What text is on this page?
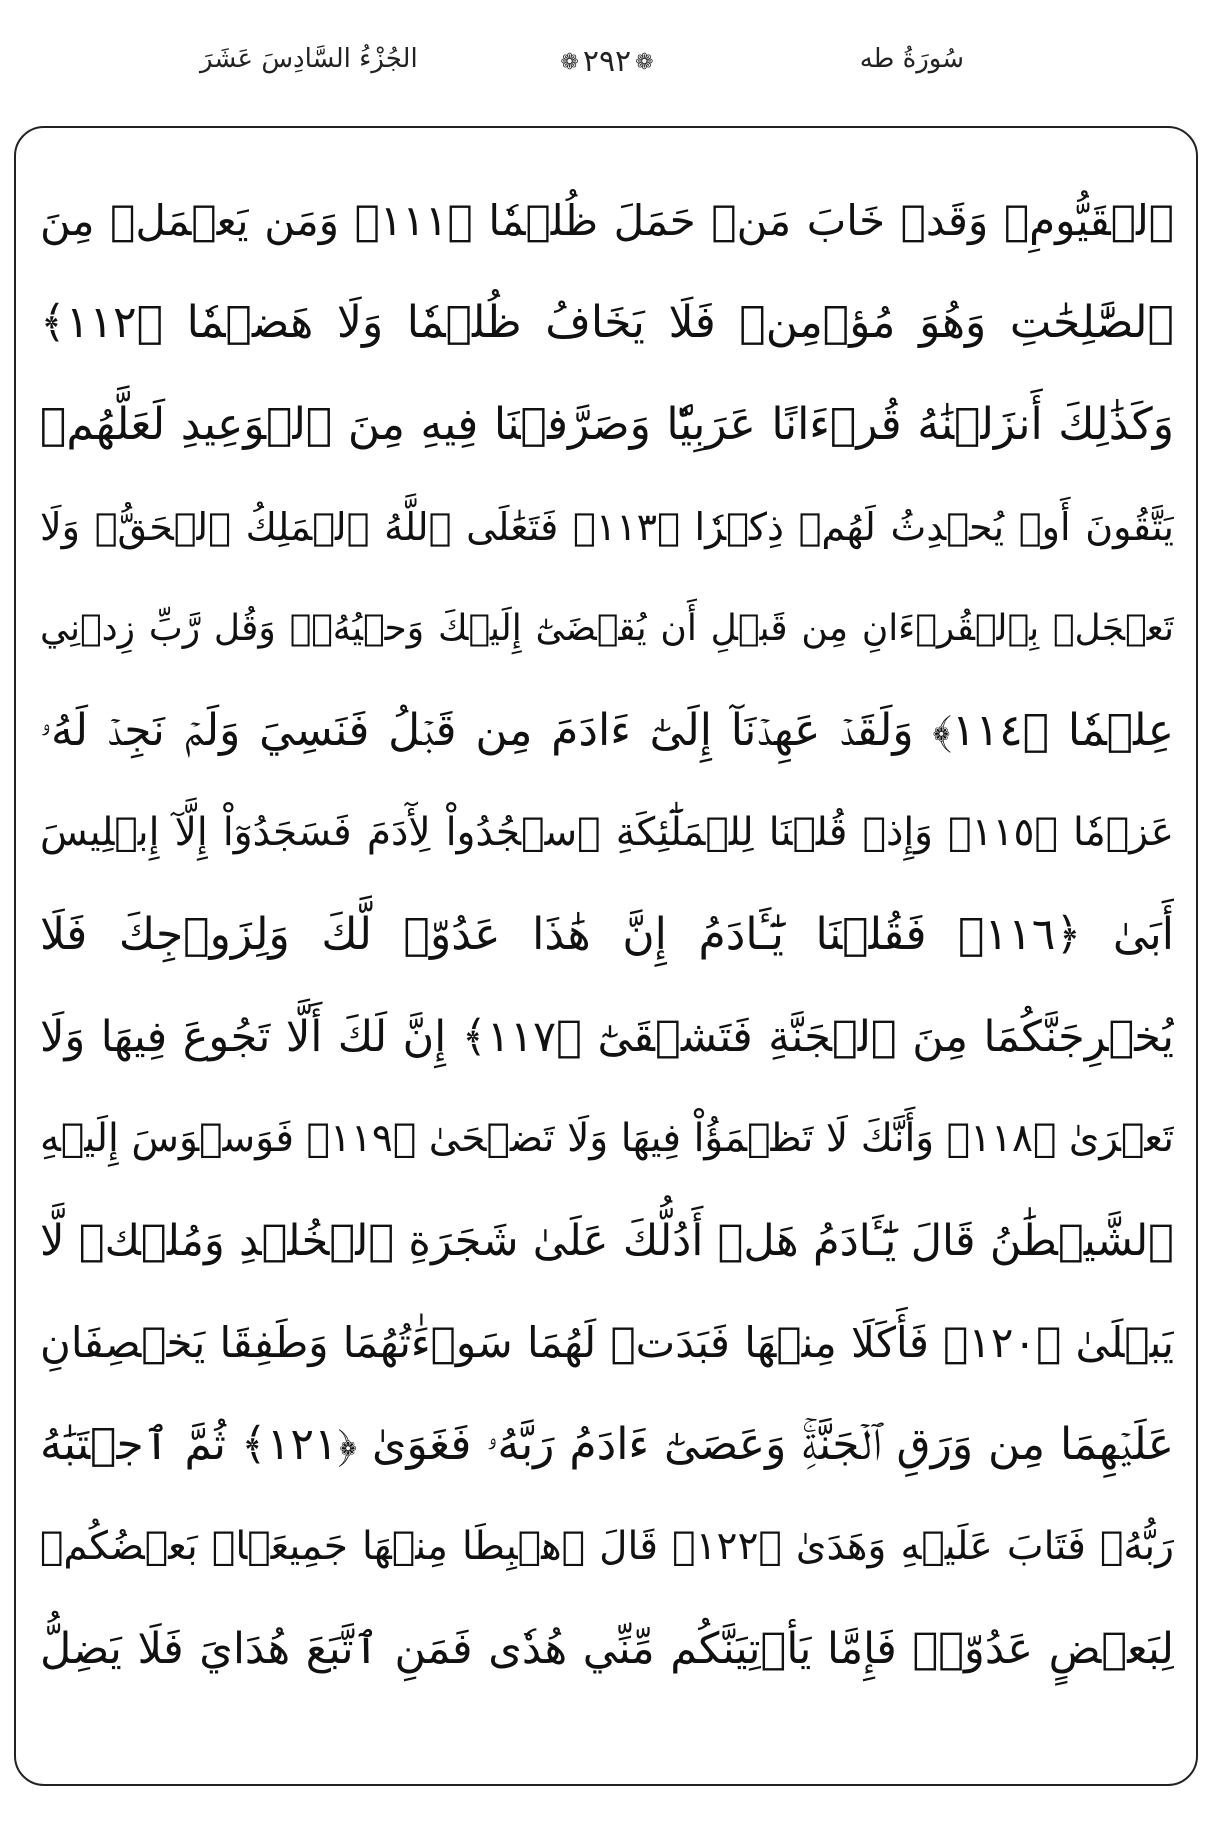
سُورَةُ طه
❁٢٩٢❁
الجُزْءُ السَّادِسَ عَشَرَ
ٱلۡقَيُّومِۖ وَقَدۡ خَابَ مَنۡ حَمَلَ ظُلۡمٗا ﴿١١١﴾ وَمَن يَعۡمَلۡ مِنَ
ٱلصَّٰلِحَٰتِ وَهُوَ مُؤۡمِنٞ فَلَا يَخَافُ ظُلۡمٗا وَلَا هَضۡمٗا ﴿١١٢﴾
وَكَذَٰلِكَ أَنزَلۡنَٰهُ قُرۡءَانًا عَرَبِيّٗا وَصَرَّفۡنَا فِيهِ مِنَ ٱلۡوَعِيدِ لَعَلَّهُمۡ
يَتَّقُونَ أَوۡ يُحۡدِثُ لَهُمۡ ذِكۡرٗا ﴿١١٣﴾ فَتَعَٰلَى ٱللَّهُ ٱلۡمَلِكُ ٱلۡحَقُّۗ وَلَا
تَعۡجَلۡ بِٱلۡقُرۡءَانِ مِن قَبۡلِ أَن يُقۡضَىٰٓ إِلَيۡكَ وَحۡيُهُۥۖ وَقُل رَّبِّ زِدۡنِي
عِلۡمٗا ﴿١١٤﴾ وَلَقَدۡ عَهِدۡنَآ إِلَىٰٓ ءَادَمَ مِن قَبۡلُ فَنَسِيَ وَلَمۡ نَجِدۡ لَهُۥ
عَزۡمٗا ﴿١١٥﴾ وَإِذۡ قُلۡنَا لِلۡمَلَٰٓئِكَةِ ٱسۡجُدُواْ لِأٓدَمَ فَسَجَدُوٓاْ إِلَّآ إِبۡلِيسَ
أَبَىٰ ﴿١١٦﴾ فَقُلۡنَا يَٰٓـَٔادَمُ إِنَّ هَٰذَا عَدُوّٞ لَّكَ وَلِزَوۡجِكَ فَلَا
يُخۡرِجَنَّكُمَا مِنَ ٱلۡجَنَّةِ فَتَشۡقَىٰٓ ﴿١١٧﴾ إِنَّ لَكَ أَلَّا تَجُوعَ فِيهَا وَلَا
تَعۡرَىٰ ﴿١١٨﴾ وَأَنَّكَ لَا تَظۡمَؤُاْ فِيهَا وَلَا تَضۡحَىٰ ﴿١١٩﴾ فَوَسۡوَسَ إِلَيۡهِ
ٱلشَّيۡطَٰنُ قَالَ يَٰٓـَٔادَمُ هَلۡ أَدُلُّكَ عَلَىٰ شَجَرَةِ ٱلۡخُلۡدِ وَمُلۡكٖ لَّا
يَبۡلَىٰ ﴿١٢٠﴾ فَأَكَلَا مِنۡهَا فَبَدَتۡ لَهُمَا سَوۡءَٰتُهُمَا وَطَفِقَا يَخۡصِفَانِ
عَلَيۡهِمَا مِن وَرَقِ ٱلۡجَنَّةِۚ وَعَصَىٰٓ ءَادَمُ رَبَّهُۥ فَغَوَىٰ ﴿١٢١﴾ ثُمَّ ٱجۡتَبَٰهُ
رَبُّهُۥ فَتَابَ عَلَيۡهِ وَهَدَىٰ ﴿١٢٢﴾ قَالَ ٱهۡبِطَا مِنۡهَا جَمِيعَۢاۖ بَعۡضُكُمۡ
لِبَعۡضٍ عَدُوّٞۖ فَإِمَّا يَأۡتِيَنَّكُم مِّنِّي هُدٗى فَمَنِ ٱتَّبَعَ هُدَايَ فَلَا يَضِلُّ
